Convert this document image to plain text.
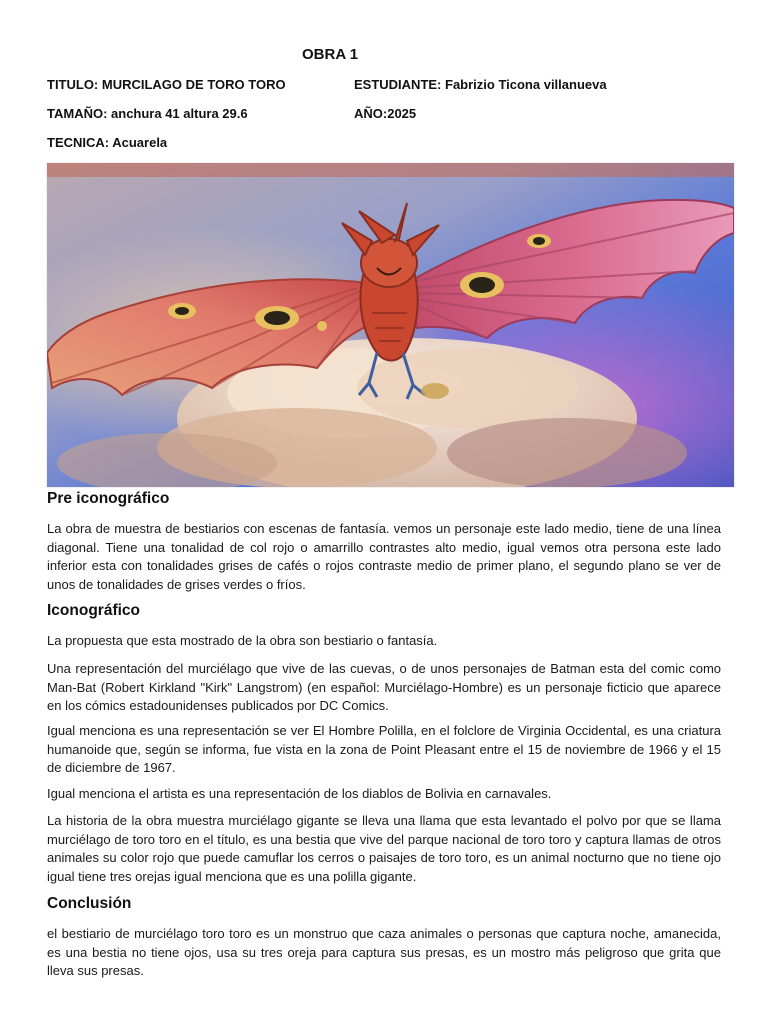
OBRA 1
TITULO: MURCILAGO DE TORO TORO	ESTUDIANTE: Fabrizio Ticona villanueva
TAMAÑO: anchura 41 altura 29.6	AÑO:2025
TECNICA: Acuarela
Pre iconográfico

La obra de muestra de bestiarios con escenas de fantasía. vemos un personaje este lado medio, tiene de una línea diagonal. Tiene una tonalidad de col rojo o amarrillo contrastes alto medio, igual vemos otra persona este lado inferior esta con tonalidades grises de cafés o rojos contraste medio de primer plano, el segundo plano se ver de unos de tonalidades de grises verdes o fríos.

Iconográfico

La propuesta que esta mostrado de la obra son bestiario o fantasía.

Una representación del murciélago que vive de las cuevas, o de unos personajes de Batman esta del comic como Man-Bat (Robert Kirkland "Kirk" Langstrom) (en español: Murciélago-Hombre) es un personaje ficticio que aparece en los cómics estadounidenses publicados por DC Comics.

Igual menciona es una representación se ver El Hombre Polilla, en el folclore de Virginia Occidental, es una criatura humanoide que, según se informa, fue vista en la zona de Point Pleasant entre el 15 de noviembre de 1966 y el 15 de diciembre de 1967.

Igual menciona el artista es una representación de los diablos de Bolivia en carnavales.

La historia de la obra muestra murciélago gigante se lleva una llama que esta levantado el polvo por que se llama murciélago de toro toro en el título, es una bestia que vive del parque nacional de toro toro y captura llamas de otros animales su color rojo que puede camuflar los cerros o paisajes de toro toro, es un animal nocturno que no tiene ojo igual tiene tres orejas igual menciona que es una polilla gigante.

Conclusión

el bestiario de murciélago toro toro es un monstruo que caza animales o personas que captura noche, amanecida, es una bestia no tiene ojos, usa su tres oreja para captura sus presas, es un mostro más peligroso que grita que lleva sus presas.
